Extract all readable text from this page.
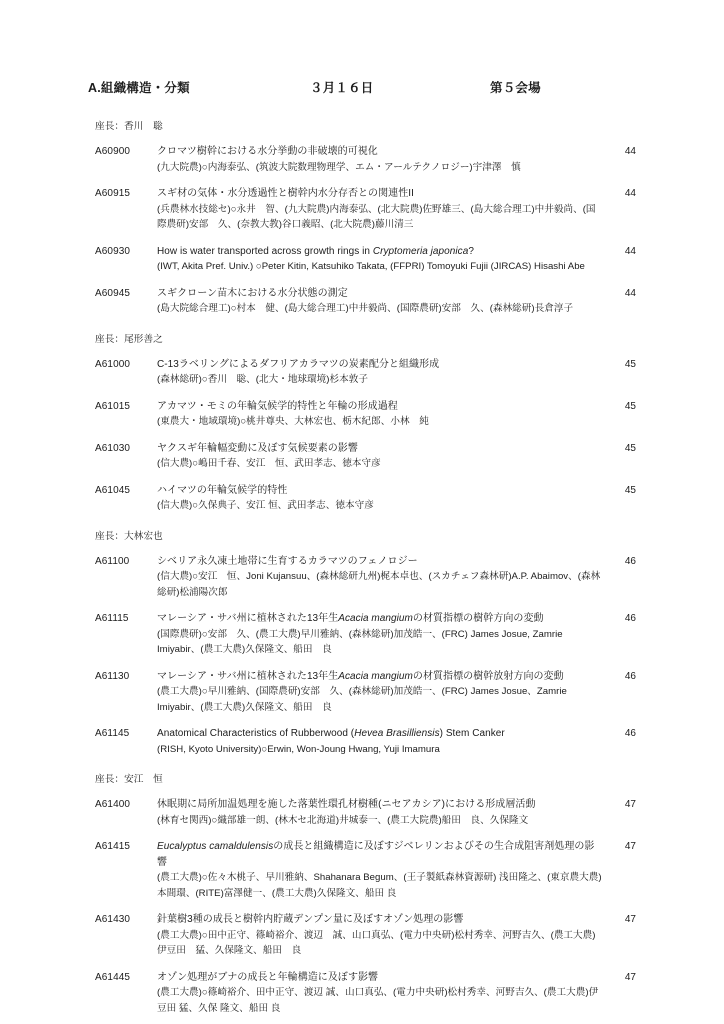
A.組織構造・分類	３月１６日	第５会場
座長：香川　聡
A60900	クロマツ樹幹における水分挙動の非破壊的可視化
(九大院農)○内海泰弘、(筑波大院数理物理学、エム・アールテクノロジー)宇津澤　慎
44
A60915	スギ材の気体・水分透過性と樹幹内水分存否との関連性II
(兵農林水技総セ)○永井　智、(九大院農)内海泰弘、(北大院農)佐野雄三、(島大総合理工)中井毅尚、(国際農研)安部　久、(奈教大教)谷口義昭、(北大院農)藤川清三
44
A60930	How is water transported across growth rings in Cryptomeria japonica?
(IWT, Akita Pref. Univ.) ○Peter Kitin, Katsuhiko Takata, (FFPRI) Tomoyuki Fujii (JIRCAS) Hisashi Abe
44
A60945	スギクローン苗木における水分状態の測定
(島大院総合理工)○村本　健、(島大総合理工)中井毅尚、(国際農研)安部　久、(森林総研)長倉淳子
44
座長：尾形善之
A61000	C-13ラベリングによるダフリアカラマツの炭素配分と組織形成
(森林総研)○香川　聡、(北大・地球環境)杉本敦子
45
A61015	アカマツ・モミの年輪気候学的特性と年輪の形成過程
(東農大・地域環境)○桃井尊央、大林宏也、栃木紀郎、小林　純
45
A61030	ヤクスギ年輪幅変動に及ぼす気候要素の影響
(信大農)○嶋田千春、安江　恒、武田孝志、徳本守彦
45
A61045	ハイマツの年輪気候学的特性
(信大農)○久保典子、安江 恒、武田孝志、徳本守彦
45
座長：大林宏也
A61100	シベリア永久凍土地帯に生育するカラマツのフェノロジー
(信大農)○安江　恒、Joni Kujansuu、(森林総研九州)梶本卓也、(スカチェフ森林研)A.P. Abaimov、(森林総研)松浦陽次郎
46
A61115	マレーシア・サバ州に植林された13年生Acacia mangiumの材質指標の樹幹方向の変動
(国際農研)○安部　久、(農工大農)早川雅納、(森林総研)加茂皓一、(FRC) James Josue, Zamrie Imiyabir、(農工大農)久保隆文、船田　良
46
A61130	マレーシア・サバ州に植林された13年生Acacia mangiumの材質指標の樹幹放射方向の変動
(農工大農)○早川雅納、(国際農研)安部　久、(森林総研)加茂皓一、(FRC) James Josue、Zamrie Imiyabir、(農工大農)久保隆文、船田　良
46
A61145	Anatomical Characteristics of Rubberwood (Hevea Brasilliensis) Stem Canker
(RISH, Kyoto University)○Erwin, Won-Joung Hwang, Yuji Imamura
46
座長：安江　恒
A61400	休眠期に局所加温処理を施した落葉性環孔材樹種(ニセアカシア)における形成層活動
(林育セ関西)○織部雄一朗、(林木セ北海道)井城泰一、(農工大院農)船田　良、久保隆文
47
A61415	Eucalyptus camaldulensisの成長と組織構造に及ぼすジベレリンおよびその生合成阻害剤処理の影響
(農工大農)○佐々木桃子、早川雅納、Shahanara Begum、(王子製紙森林資源研) 浅田隆之、(東京農大農)本間環、(RITE)富澤健一、(農工大農)久保隆文、船田 良
47
A61430	針葉樹3種の成長と樹幹内貯蔵デンプン量に及ぼすオゾン処理の影響
(農工大農)○田中正守、篠崎裕介、渡辺　誠、山口真弘、(電力中央研)松村秀幸、河野吉久、(農工大農)伊豆田　猛、久保隆文、船田　良
47
A61445	オゾン処理がブナの成長と年輪構造に及ぼす影響
(農工大農)○篠崎裕介、田中正守、渡辺 誠、山口真弘、(電力中央研)松村秀幸、河野吉久、(農工大農)伊豆田 猛、久保 隆文、船田 良
47
